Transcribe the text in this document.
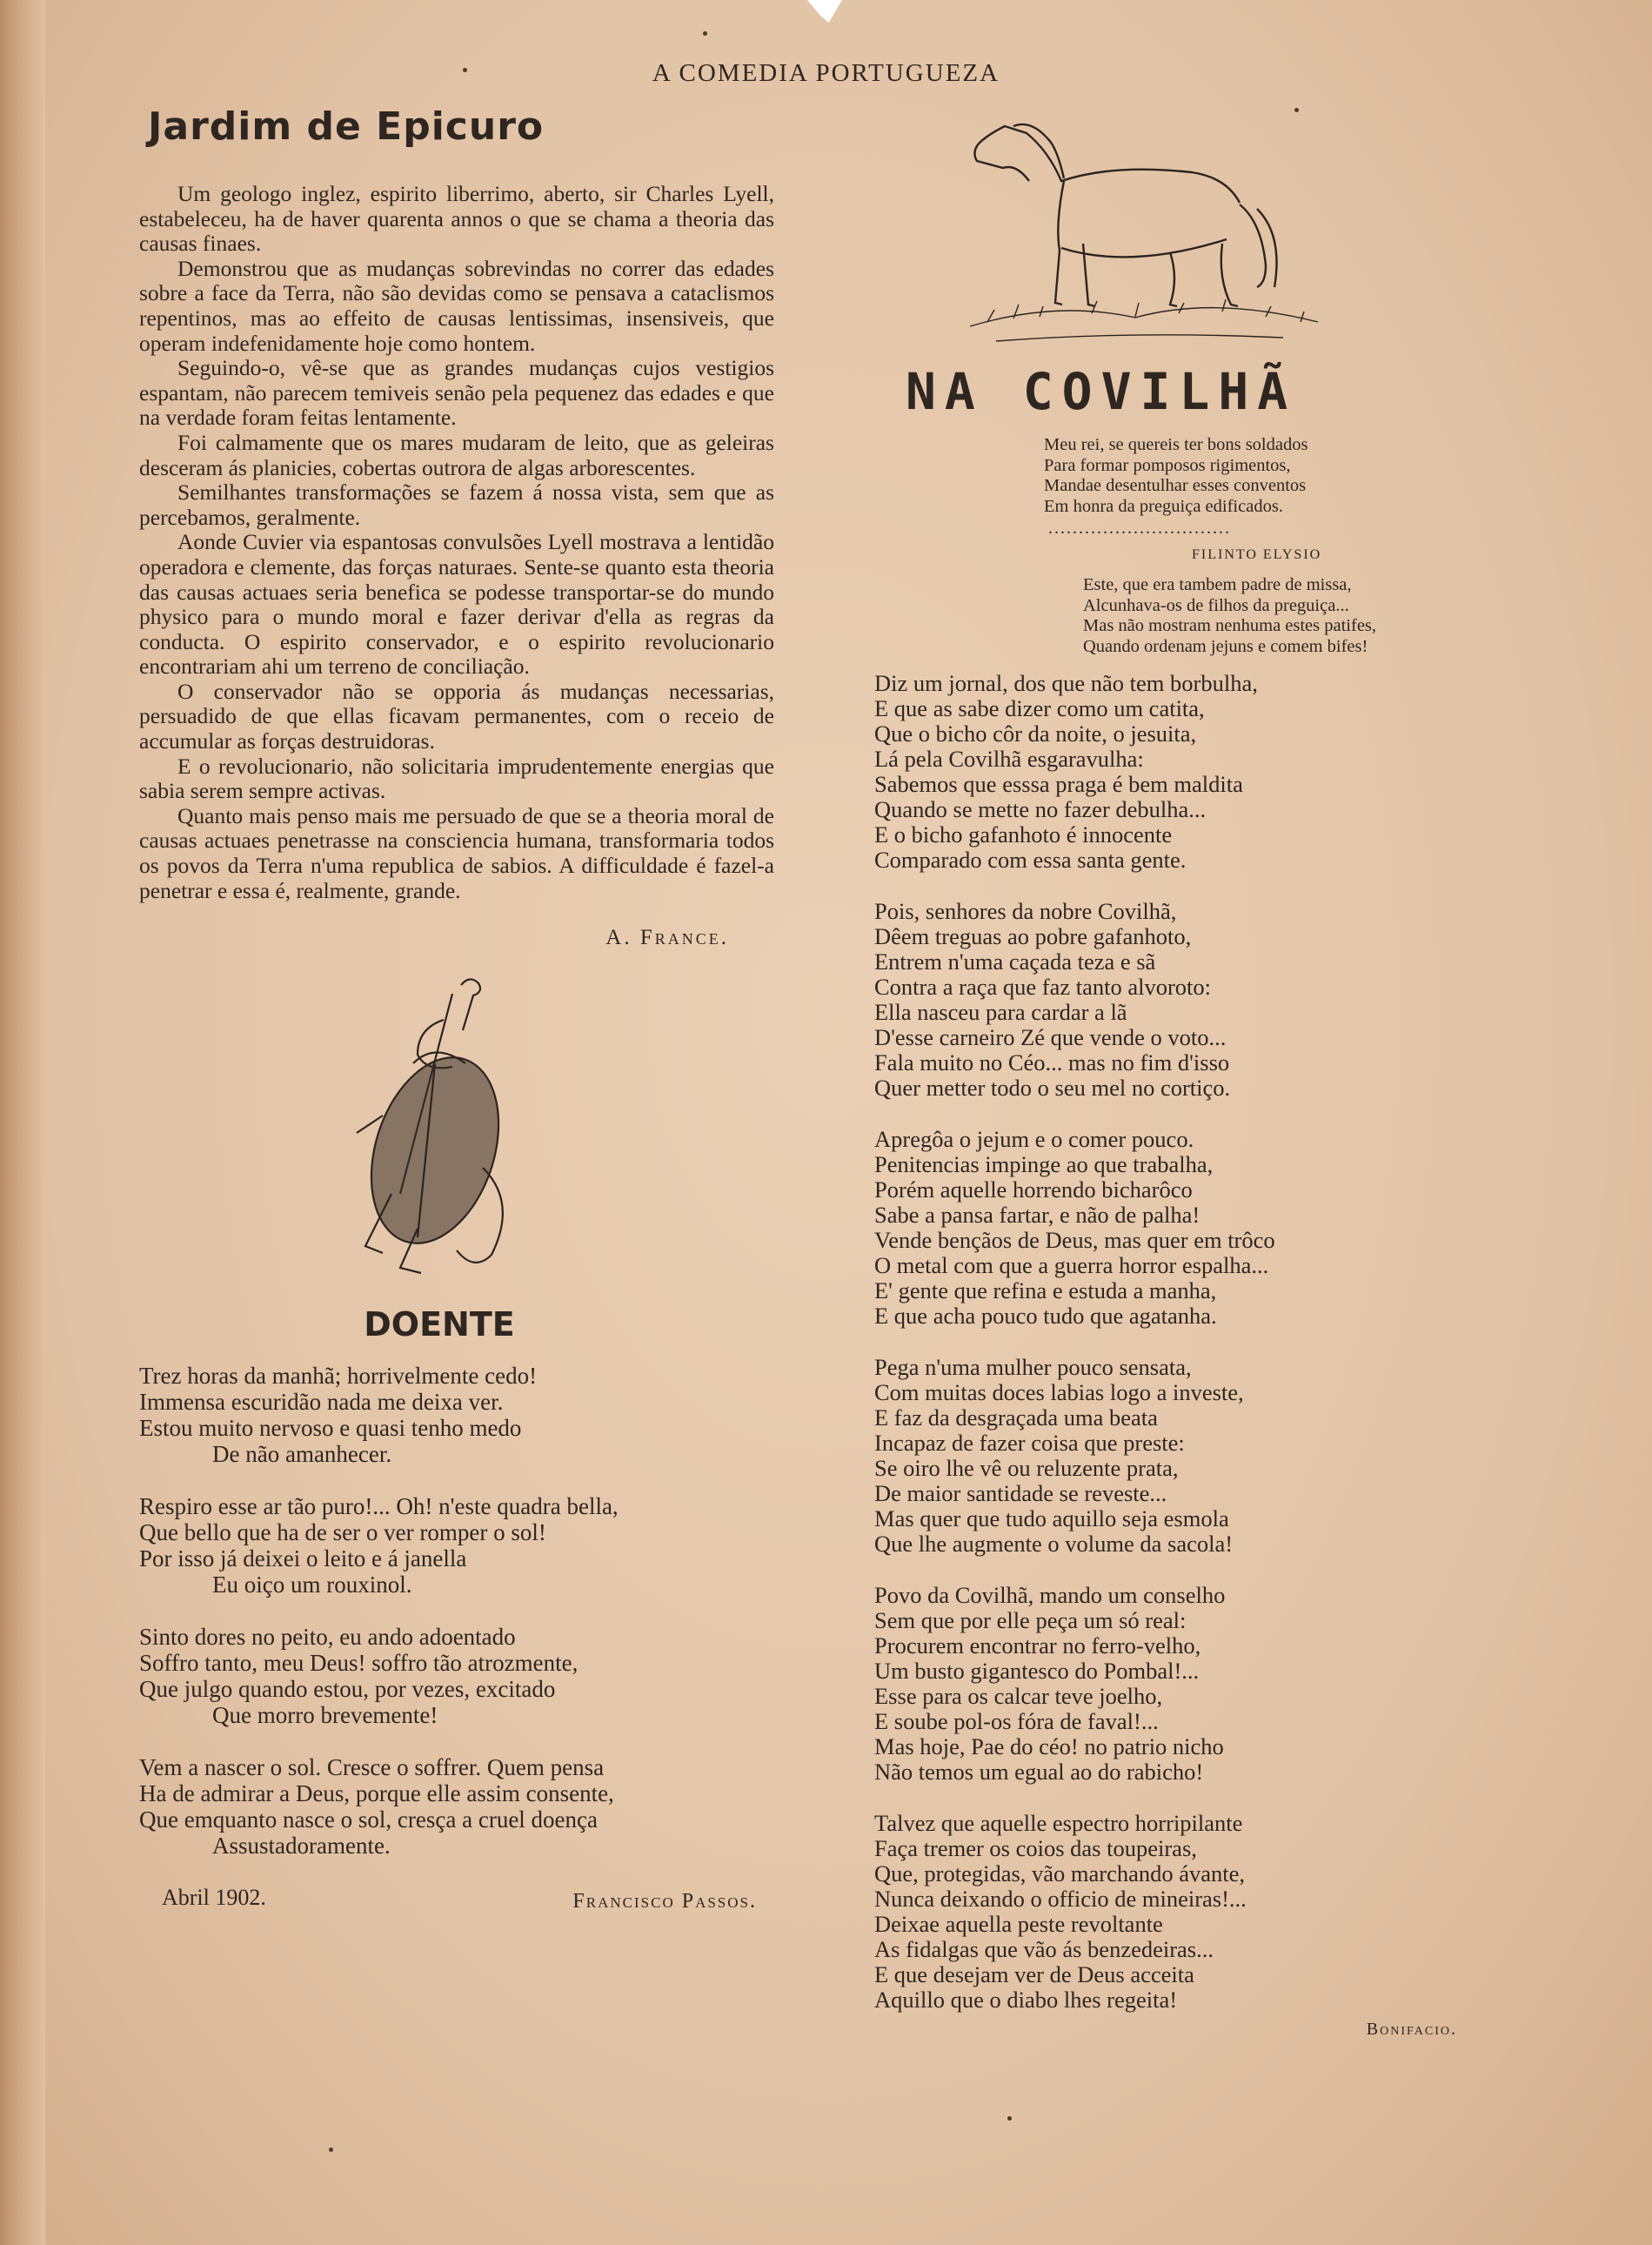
A COMEDIA PORTUGUEZA
Jardim de Epicuro

Um geologo inglez, espirito liberrimo, aberto, sir Charles Lyell, estabeleceu, ha de haver quarenta annos o que se chama a theoria das causas finaes.

Demonstrou que as mudanças sobrevindas no correr das edades sobre a face da Terra, não são devidas como se pensava a cataclismos repentinos, mas ao effeito de causas lentissimas, insensiveis, que operam indefenidamente hoje como hontem.

Seguindo-o, vê-se que as grandes mudanças cujos vestigios espantam, não parecem temiveis senão pela pequenez das edades e que na verdade foram feitas lentamente.

Foi calmamente que os mares mudaram de leito, que as geleiras desceram ás planicies, cobertas outrora de algas arborescentes.

Semilhantes transformações se fazem á nossa vista, sem que as percebamos, geralmente.

Aonde Cuvier via espantosas convulsões Lyell mostrava a lentidão operadora e clemente, das forças naturaes. Sente-se quanto esta theoria das causas actuaes seria benefica se podesse transportar-se do mundo physico para o mundo moral e fazer derivar d'ella as regras da conducta. O espirito conservador, e o espirito revolucionario encontrariam ahi um terreno de conciliação.

O conservador não se opporia ás mudanças necessarias, persuadido de que ellas ficavam permanentes, com o receio de accumular as forças destruidoras.

E o revolucionario, não solicitaria imprudentemente energias que sabia serem sempre activas.

Quanto mais penso mais me persuado de que se a theoria moral de causas actuaes penetrasse na consciencia humana, transformaria todos os povos da Terra n'uma republica de sabios. A difficuldade é fazel-a penetrar e essa é, realmente, grande.

A. France.
DOENTE
Trez horas da manhã; horrivelmente cedo!
Immensa escuridão nada me deixa ver.
Estou muito nervoso e quasi tenho medo
De não amanhecer.
Respiro esse ar tão puro!... Oh! n'este quadra bella,
Que bello que ha de ser o ver romper o sol!
Por isso já deixei o leito e á janella
Eu oiço um rouxinol.
Sinto dores no peito, eu ando adoentado
Soffro tanto, meu Deus! soffro tão atrozmente,
Que julgo quando estou, por vezes, excitado
Que morro brevemente!
Vem a nascer o sol. Cresce o soffrer. Quem pensa
Ha de admirar a Deus, porque elle assim consente,
Que emquanto nasce o sol, cresça a cruel doença
Assustadoramente.
Abril 1902.	Francisco Passos.
NA COVILHÃ
Meu rei, se quereis ter bons soldados
Para formar pomposos rigimentos,
Mandae desentulhar esses conventos
Em honra da preguiça edificados.
..............................
FILINTO ELYSIO
Este, que era tambem padre de missa,
Alcunhava-os de filhos da preguiça...
Mas não mostram nenhuma estes patifes,
Quando ordenam jejuns e comem bifes!
Diz um jornal, dos que não tem borbulha,
E que as sabe dizer como um catita,
Que o bicho côr da noite, o jesuita,
Lá pela Covilhã esgaravulha:
Sabemos que esssa praga é bem maldita
Quando se mette no fazer debulha...
E o bicho gafanhoto é innocente
Comparado com essa santa gente.
Pois, senhores da nobre Covilhã,
Dêem treguas ao pobre gafanhoto,
Entrem n'uma caçada teza e sã
Contra a raça que faz tanto alvoroto:
Ella nasceu para cardar a lã
D'esse carneiro Zé que vende o voto...
Fala muito no Céo... mas no fim d'isso
Quer metter todo o seu mel no cortiço.
Apregôa o jejum e o comer pouco.
Penitencias impinge ao que trabalha,
Porém aquelle horrendo bicharôco
Sabe a pansa fartar, e não de palha!
Vende bençãos de Deus, mas quer em trôco
O metal com que a guerra horror espalha...
E' gente que refina e estuda a manha,
E que acha pouco tudo que agatanha.
Pega n'uma mulher pouco sensata,
Com muitas doces labias logo a investe,
E faz da desgraçada uma beata
Incapaz de fazer coisa que preste:
Se oiro lhe vê ou reluzente prata,
De maior santidade se reveste...
Mas quer que tudo aquillo seja esmola
Que lhe augmente o volume da sacola!
Povo da Covilhã, mando um conselho
Sem que por elle peça um só real:
Procurem encontrar no ferro-velho,
Um busto gigantesco do Pombal!...
Esse para os calcar teve joelho,
E soube pol-os fóra de faval!...
Mas hoje, Pae do céo! no patrio nicho
Não temos um egual ao do rabicho!
Talvez que aquelle espectro horripilante
Faça tremer os coios das toupeiras,
Que, protegidas, vão marchando ávante,
Nunca deixando o officio de mineiras!...
Deixae aquella peste revoltante
As fidalgas que vão ás benzedeiras...
E que desejam ver de Deus acceita
Aquillo que o diabo lhes regeita!
Bonifacio.
